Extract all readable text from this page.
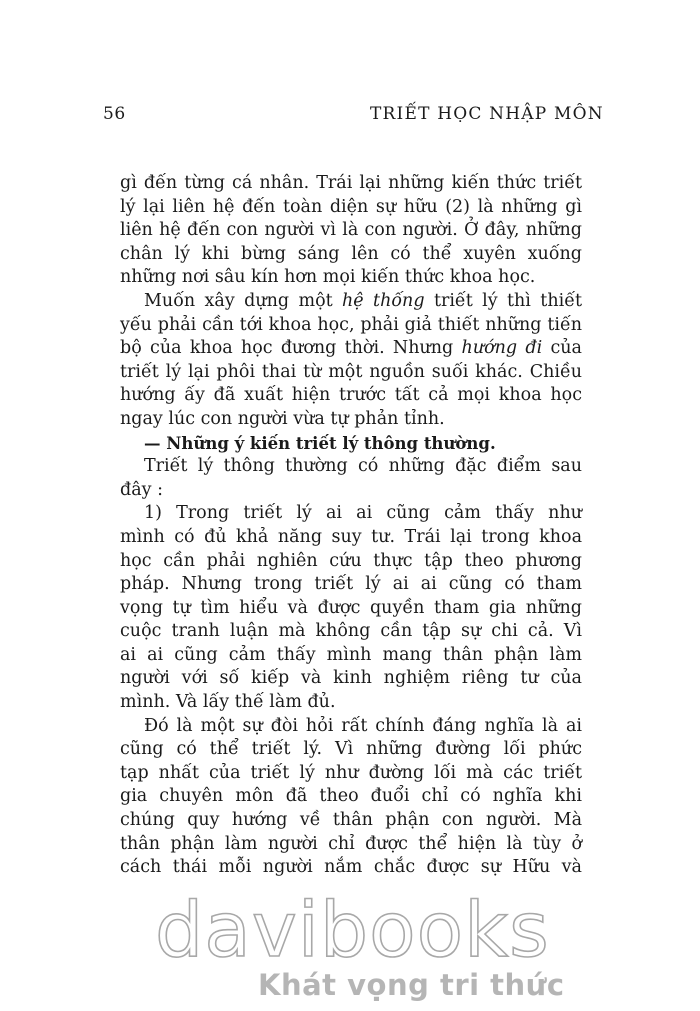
56	TRIẾT HỌC NHẬP MÔN
gì đến từng cá nhân. Trái lại những kiến thức triết
lý lại liên hệ đến toàn diện sự hữu (2) là những gì
liên hệ đến con người vì là con người. Ở đây, những
chân lý khi bừng sáng lên có thể xuyên xuống
những nơi sâu kín hơn mọi kiến thức khoa học.
Muốn xây dựng một hệ thống triết lý thì thiết
yếu phải cần tới khoa học, phải giả thiết những tiến
bộ của khoa học đương thời. Nhưng hướng đi của
triết lý lại phôi thai từ một nguồn suối khác. Chiều
hướng ấy đã xuất hiện trước tất cả mọi khoa học
ngay lúc con người vừa tự phản tỉnh.
— Những ý kiến triết lý thông thường.
Triết lý thông thường có những đặc điểm sau
đây :
1) Trong triết lý ai ai cũng cảm thấy như
mình có đủ khả năng suy tư. Trái lại trong khoa
học cần phải nghiên cứu thực tập theo phương
pháp. Nhưng trong triết lý ai ai cũng có tham
vọng tự tìm hiểu và được quyền tham gia những
cuộc tranh luận mà không cần tập sự chi cả. Vì
ai ai cũng cảm thấy mình mang thân phận làm
người với số kiếp và kinh nghiệm riêng tư của
mình. Và lấy thế làm đủ.
Đó là một sự đòi hỏi rất chính đáng nghĩa là ai
cũng có thể triết lý. Vì những đường lối phức
tạp nhất của triết lý như đường lối mà các triết
gia chuyên môn đã theo đuổi chỉ có nghĩa khi
chúng quy hướng về thân phận con người. Mà
thân phận làm người chỉ được thể hiện là tùy ở
cách thái mỗi người nắm chắc được sự Hữu và
davibooks
Khát vọng tri thức
